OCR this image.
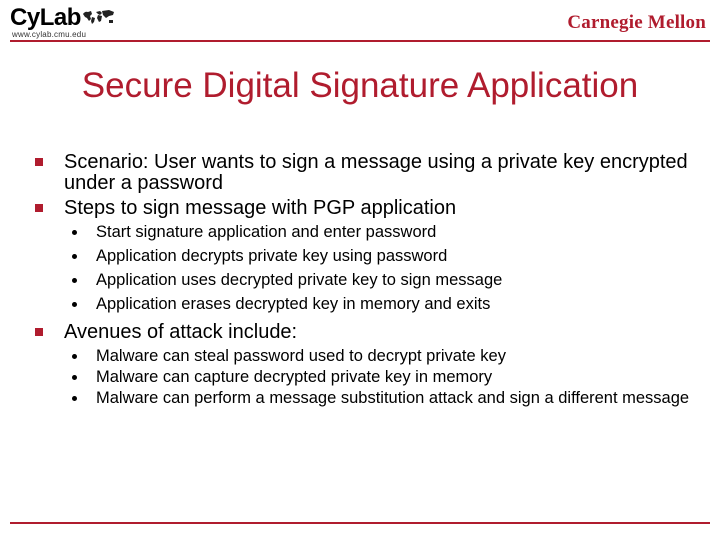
CyLab
www.cylab.cmu.edu
Carnegie Mellon
Secure Digital Signature Application
Scenario: User wants to sign a message using a private key encrypted under a password
Steps to sign message with PGP application
Start signature application and enter password
Application decrypts private key using password
Application uses decrypted private key to sign message
Application erases decrypted key in memory and exits
Avenues of attack include:
Malware can steal password used to decrypt private key
Malware can capture decrypted private key in memory
Malware can perform a message substitution attack and sign a different message
